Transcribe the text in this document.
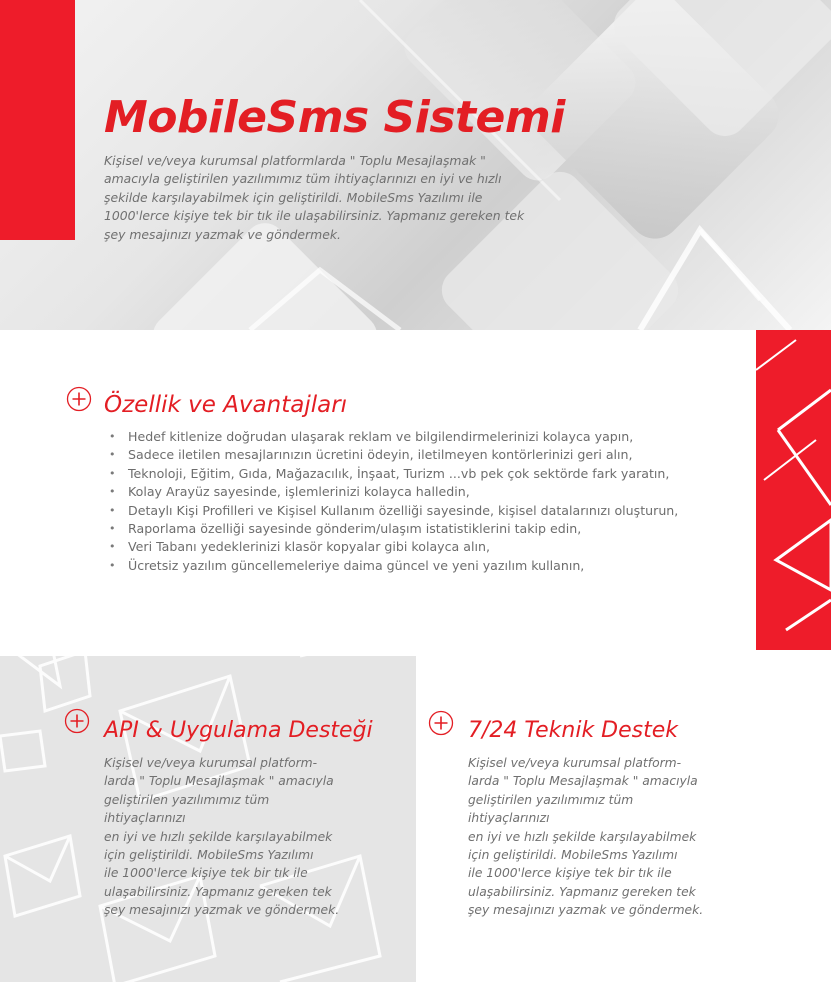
MobileSms Sistemi

Kişisel ve/veya kurumsal platformlarda " Toplu Mesajlaşmak " amacıyla geliştirilen yazılımımız tüm ihtiyaçlarınızı en iyi ve hızlı şekilde karşılayabilmek için geliştirildi. MobileSms Yazılımı ile 1000'lerce kişiye tek bir tık ile ulaşabilirsiniz. Yapmanız gereken tek şey mesajınızı yazmak ve göndermek.

Özellik ve Avantajları
• Hedef kitlenize doğrudan ulaşarak reklam ve bilgilendirmelerinizi kolayca yapın,
• Sadece iletilen mesajlarınızın ücretini ödeyin, iletilmeyen kontörlerinizi geri alın,
• Teknoloji, Eğitim, Gıda, Mağazacılık, İnşaat, Turizm ...vb pek çok sektörde fark yaratın,
• Kolay Arayüz sayesinde, işlemlerinizi kolayca halledin,
• Detaylı Kişi Profilleri ve Kişisel Kullanım özelliği sayesinde, kişisel datalarınızı oluşturun,
• Raporlama özelliği sayesinde gönderim/ulaşım istatistiklerini takip edin,
• Veri Tabanı yedeklerinizi klasör kopyalar gibi kolayca alın,
• Ücretsiz yazılım güncellemeleriye daima güncel ve yeni yazılım kullanın,
API & Uygulama Desteği

Kişisel ve/veya kurumsal platform-
larda " Toplu Mesajlaşmak " amacıyla
geliştirilen yazılımımız tüm ihtiyaçlarınızı
en iyi ve hızlı şekilde karşılayabilmek
için geliştirildi. MobileSms Yazılımı
ile 1000'lerce kişiye tek bir tık ile
ulaşabilirsiniz. Yapmanız gereken tek
şey mesajınızı yazmak ve göndermek.

7/24 Teknik Destek

Kişisel ve/veya kurumsal platform-
larda " Toplu Mesajlaşmak " amacıyla
geliştirilen yazılımımız tüm ihtiyaçlarınızı
en iyi ve hızlı şekilde karşılayabilmek
için geliştirildi. MobileSms Yazılımı
ile 1000'lerce kişiye tek bir tık ile
ulaşabilirsiniz. Yapmanız gereken tek
şey mesajınızı yazmak ve göndermek.
